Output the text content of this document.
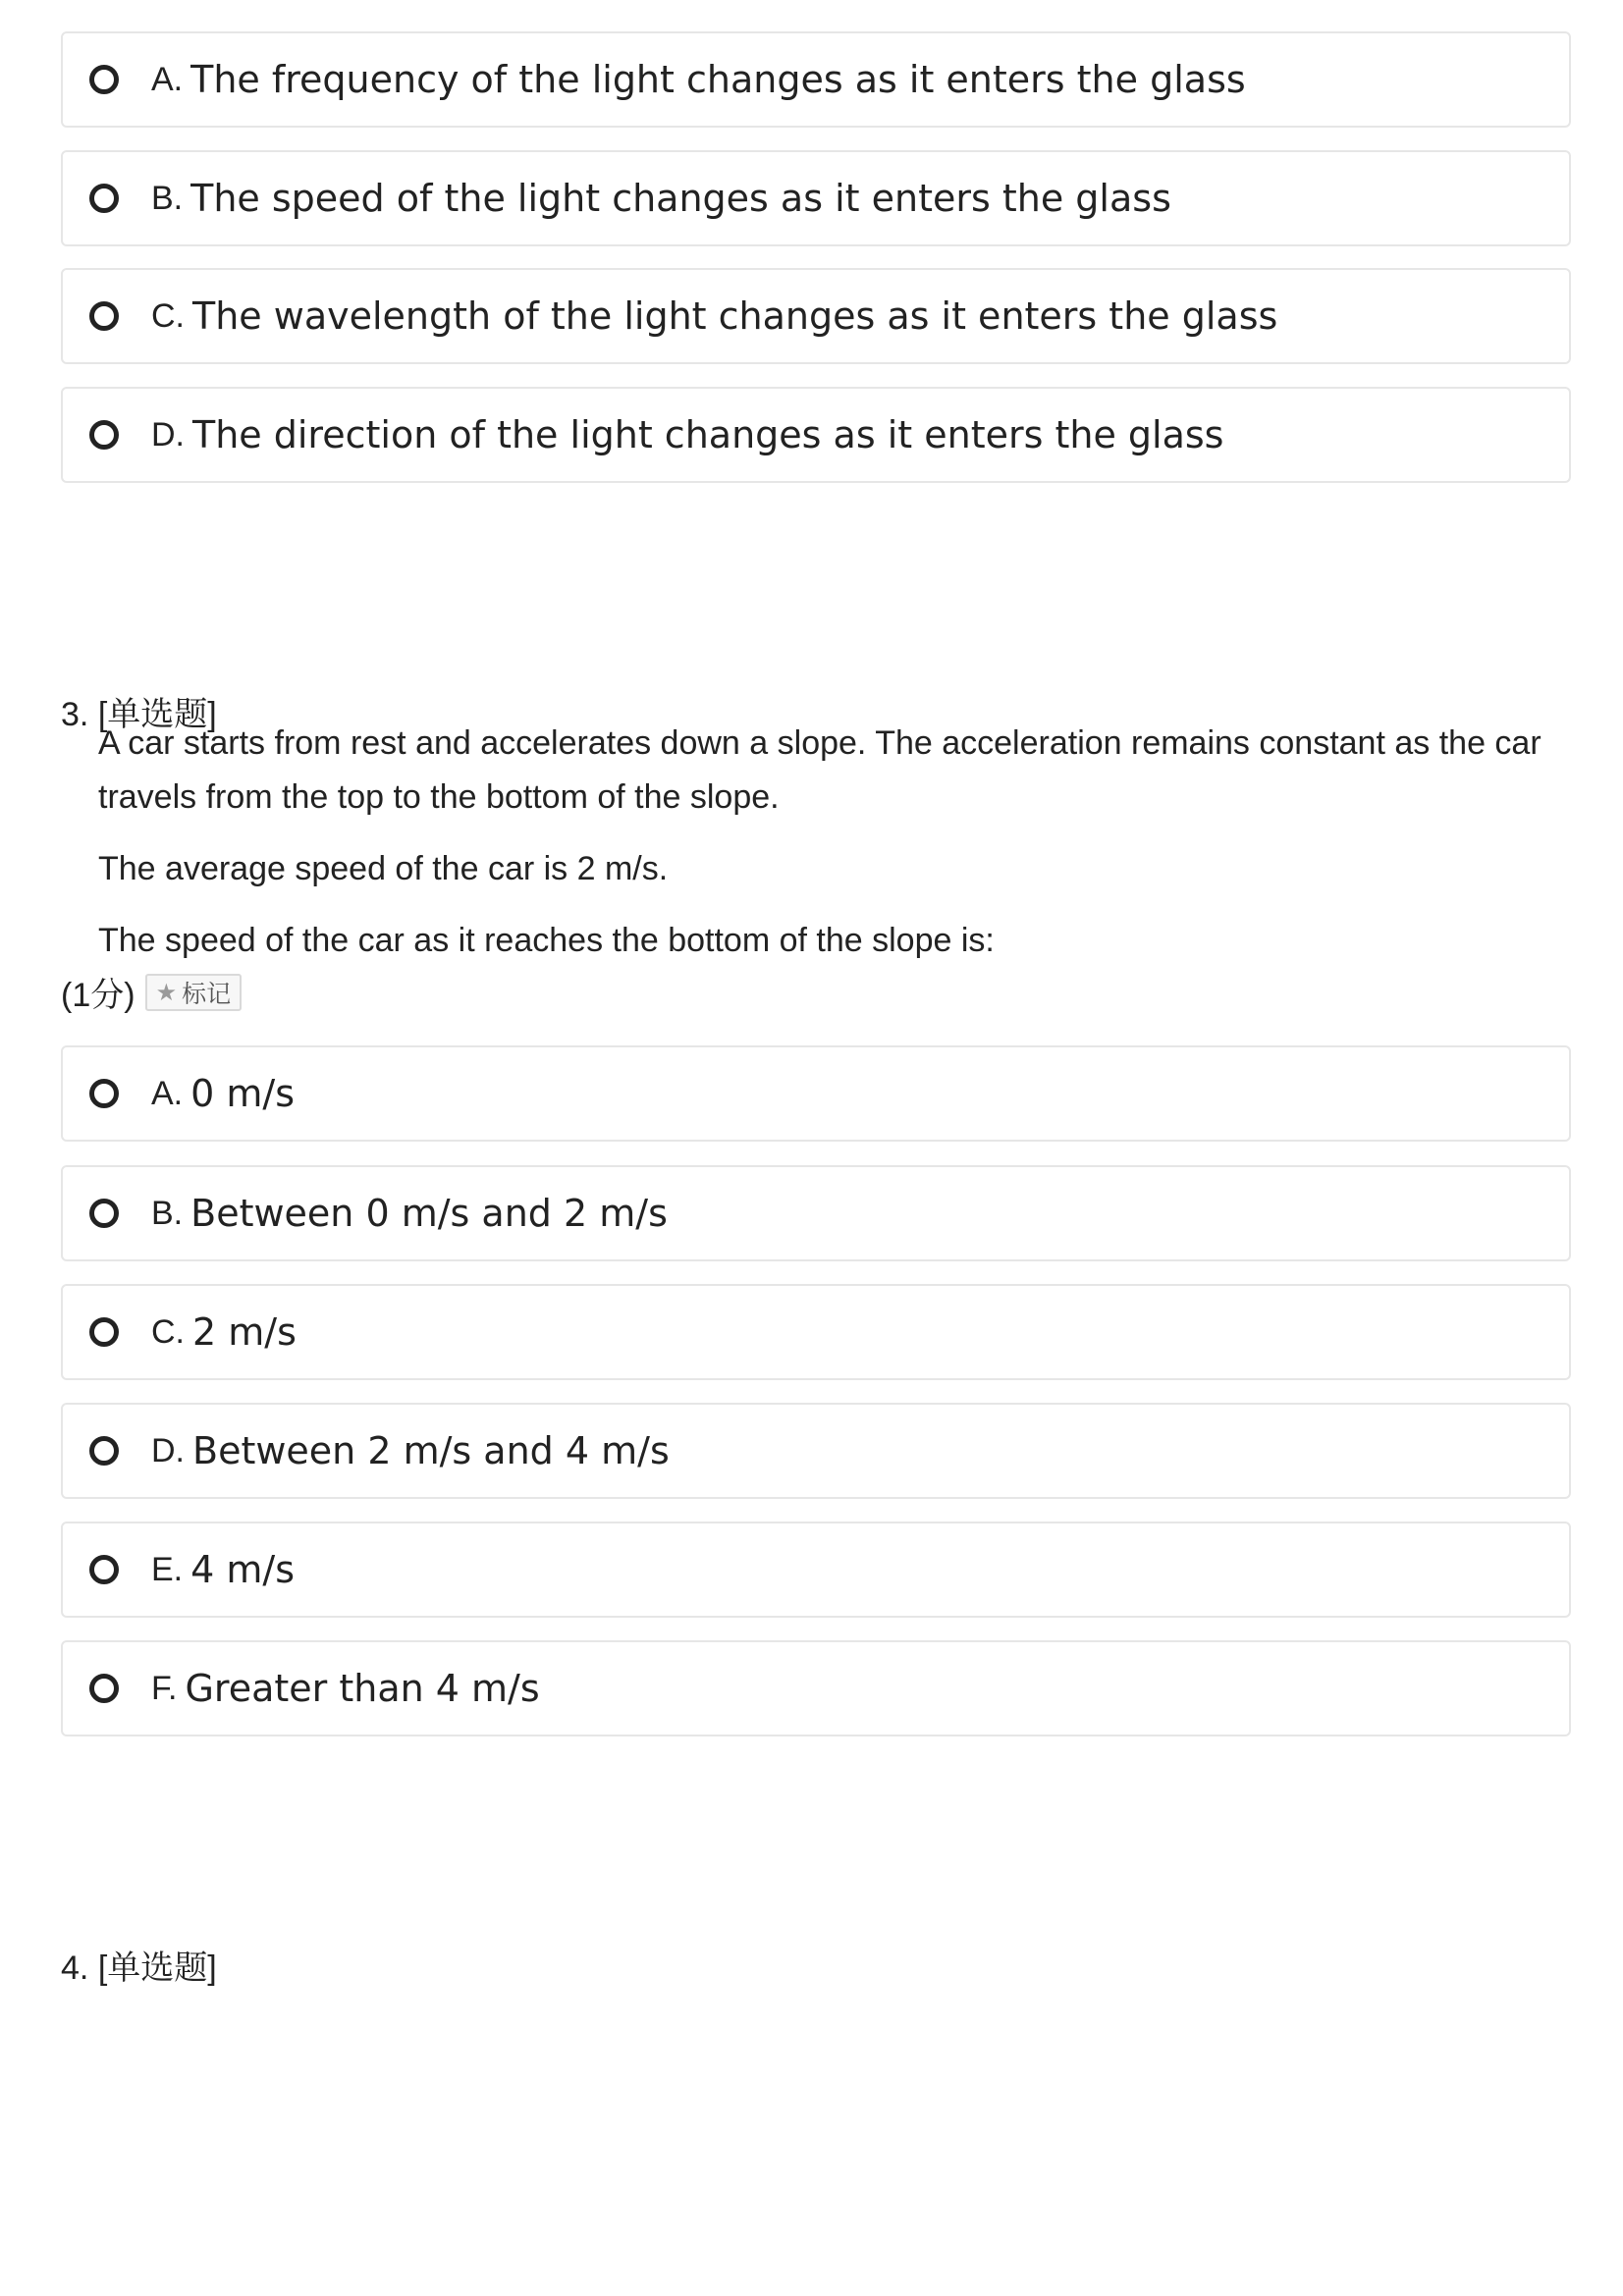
A. The frequency of the light changes as it enters the glass
B. The speed of the light changes as it enters the glass
C. The wavelength of the light changes as it enters the glass
D. The direction of the light changes as it enters the glass
3. [单选题]

A car starts from rest and accelerates down a slope. The acceleration remains constant as the car travels from the top to the bottom of the slope.

The average speed of the car is 2 m/s.

The speed of the car as it reaches the bottom of the slope is:

(1分) ★ 标记
A. 0 m/s
B. Between 0 m/s and 2 m/s
C. 2 m/s
D. Between 2 m/s and 4 m/s
E. 4 m/s
F. Greater than 4 m/s
4. [单选题]
